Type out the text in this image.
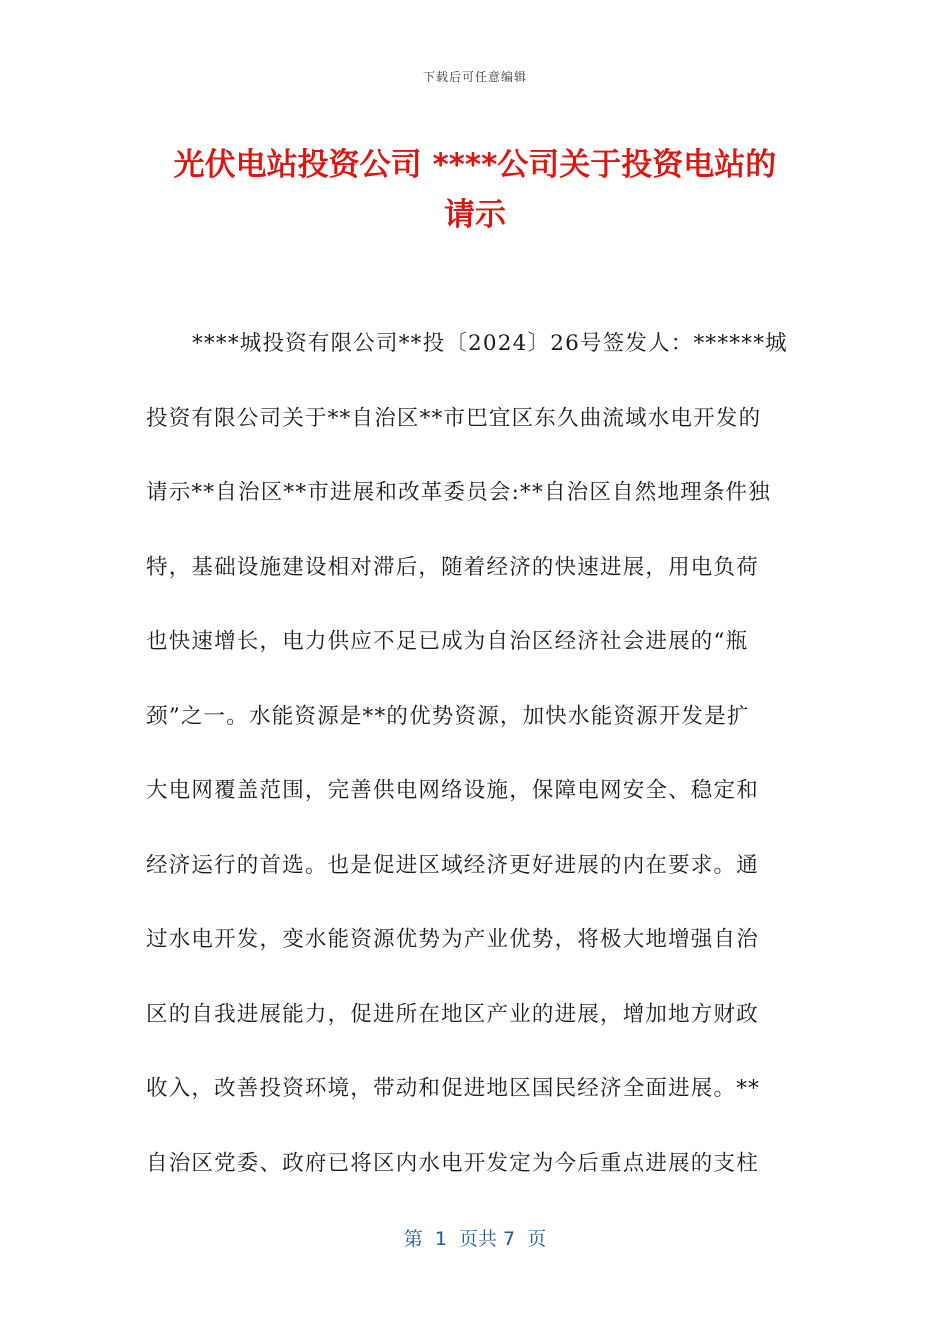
下载后可任意编辑
光伏电站投资公司 ****公司关于投资电站的
请示
****城投资有限公司**投〔2024〕26号签发人：******城
投资有限公司关于**自治区**市巴宜区东久曲流域水电开发的
请示**自治区**市进展和改革委员会:**自治区自然地理条件独
特，基础设施建设相对滞后，随着经济的快速进展，用电负荷
也快速增长，电力供应不足已成为自治区经济社会进展的“瓶
颈”之一。水能资源是**的优势资源，加快水能资源开发是扩
大电网覆盖范围，完善供电网络设施，保障电网安全、稳定和
经济运行的首选。也是促进区域经济更好进展的内在要求。通
过水电开发，变水能资源优势为产业优势，将极大地增强自治
区的自我进展能力，促进所在地区产业的进展，增加地方财政
收入，改善投资环境，带动和促进地区国民经济全面进展。**
自治区党委、政府已将区内水电开发定为今后重点进展的支柱
第  1  页共 7  页
